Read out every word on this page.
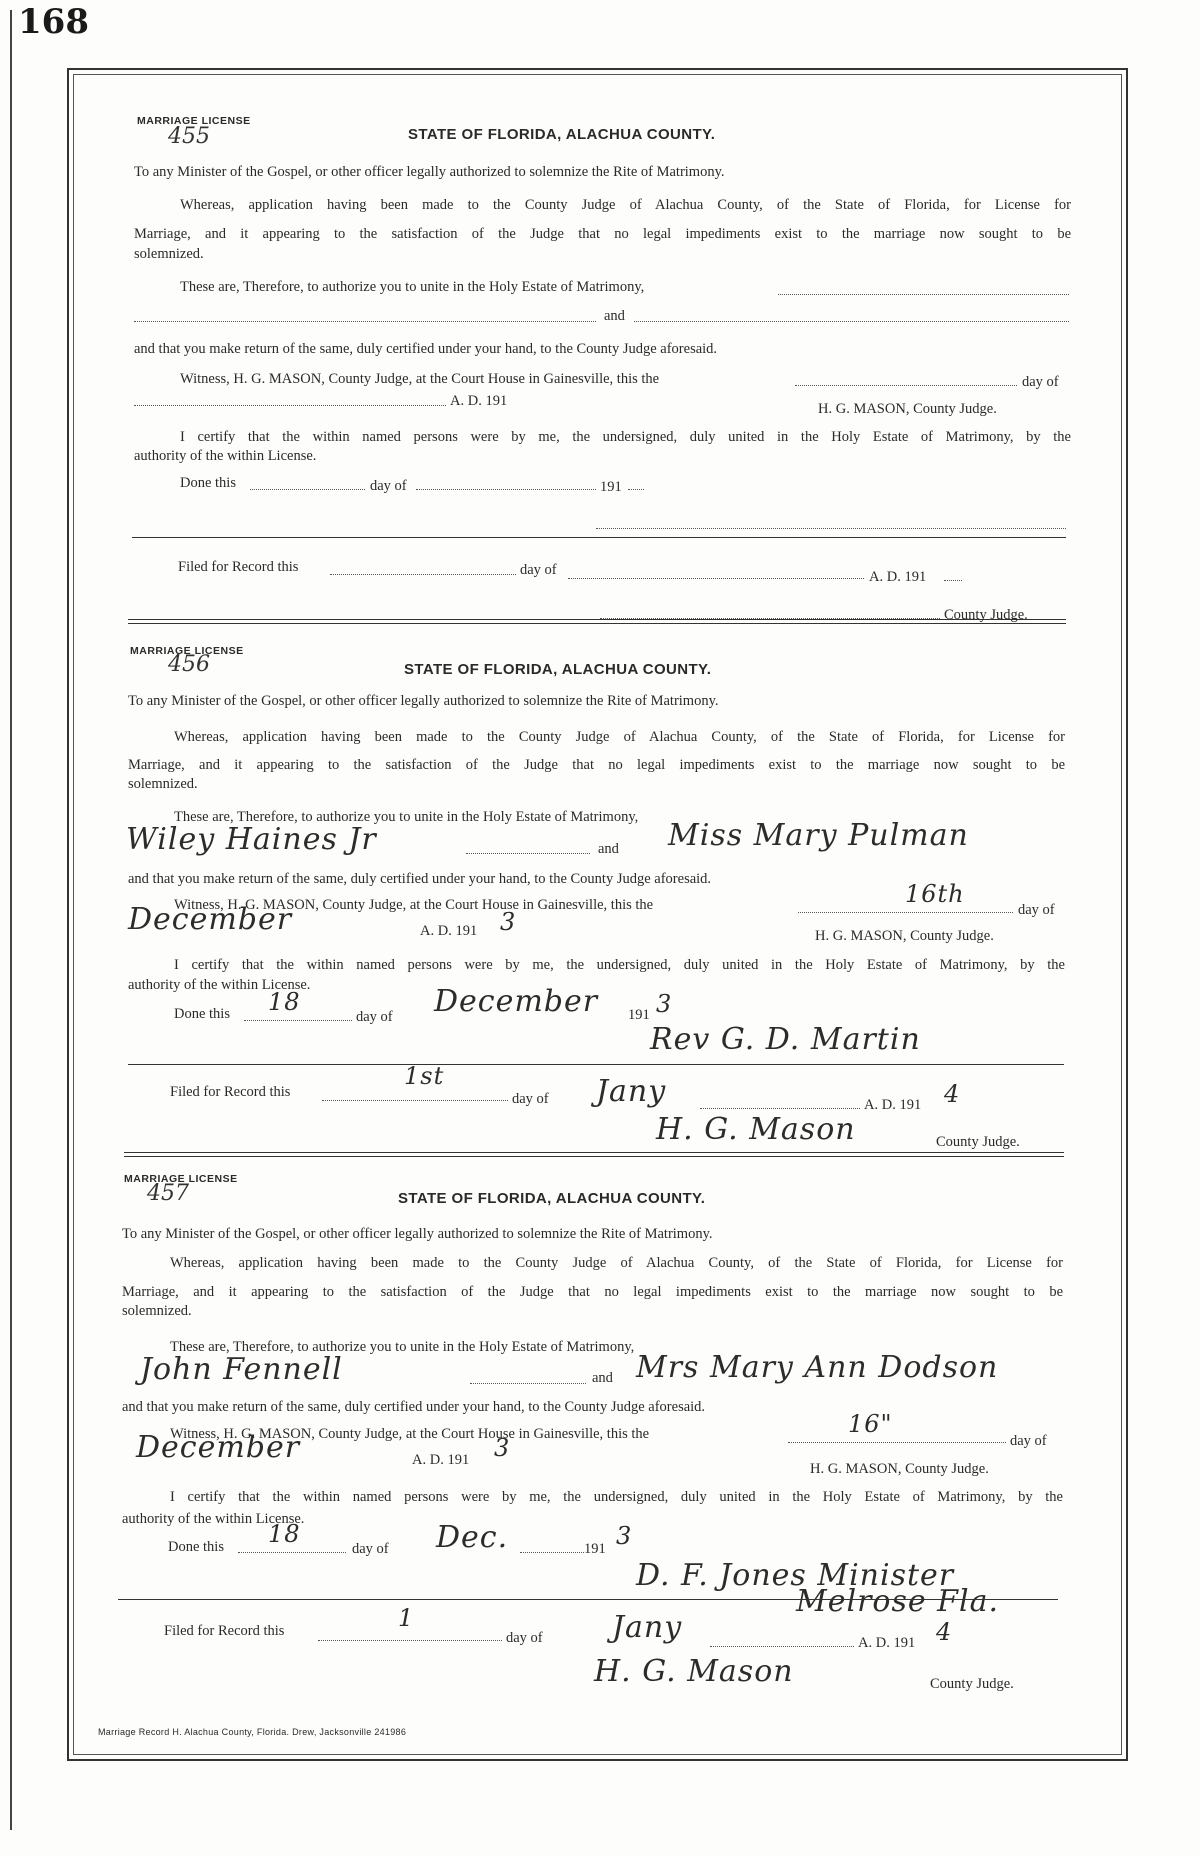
168
MARRIAGE LICENSE
455	STATE OF FLORIDA, ALACHUA COUNTY.
To any Minister of the Gospel, or other officer legally authorized to solemnize the Rite of Matrimony.
Whereas, application having been made to the County Judge of Alachua County, of the State of Florida, for License for
Marriage, and it appearing to the satisfaction of the Judge that no legal impediments exist to the marriage now sought to be
solemnized.
These are, Therefore, to authorize you to unite in the Holy Estate of Matrimony,
and
and that you make return of the same, duly certified under your hand, to the County Judge aforesaid.
Witness, H. G. MASON, County Judge, at the Court House in Gainesville, this the	day of
A. D. 191	H. G. MASON, County Judge.
I certify that the within named persons were by me, the undersigned, duly united in the Holy Estate of Matrimony, by the
authority of the within License.
Done this	day of	191
Filed for Record this	day of	A. D. 191
County Judge.
MARRIAGE LICENSE
456	STATE OF FLORIDA, ALACHUA COUNTY.
To any Minister of the Gospel, or other officer legally authorized to solemnize the Rite of Matrimony.
Whereas, application having been made to the County Judge of Alachua County, of the State of Florida, for License for
Marriage, and it appearing to the satisfaction of the Judge that no legal impediments exist to the marriage now sought to be
solemnized.
These are, Therefore, to authorize you to unite in the Holy Estate of Matrimony,
Wiley Haines Jr	and Miss Mary Pulman
and that you make return of the same, duly certified under your hand, to the County Judge aforesaid.
Witness, H. G. MASON, County Judge, at the Court House in Gainesville, this the	16th
day of
December	A. D. 191 3	H. G. MASON, County Judge.
I certify that the within named persons were by me, the undersigned, duly united in the Holy Estate of Matrimony, by the
authority of the within License.
Done this 18
day of December 191 3
Rev G. D. Martin
Filed for Record this
1st
day of Jany	A. D. 191 4
H. G. Mason	County Judge.
MARRIAGE LICENSE
457	STATE OF FLORIDA, ALACHUA COUNTY.
To any Minister of the Gospel, or other officer legally authorized to solemnize the Rite of Matrimony.
Whereas, application having been made to the County Judge of Alachua County, of the State of Florida, for License for
Marriage, and it appearing to the satisfaction of the Judge that no legal impediments exist to the marriage now sought to be
solemnized.
These are, Therefore, to authorize you to unite in the Holy Estate of Matrimony,
John Fennell	and Mrs Mary Ann Dodson
and that you make return of the same, duly certified under your hand, to the County Judge aforesaid.
Witness, H. G. MASON, County Judge, at the Court House in Gainesville, this the	16"
day of
December	A. D. 191 3
H. G. MASON, County Judge.
I certify that the within named persons were by me, the undersigned, duly united in the Holy Estate of Matrimony, by the
authority of the within License.
Done this 18
day of Dec.	191 3
D. F. Jones Minister
Melrose Fla.
Filed for Record this	1
day of Jany	A. D. 191 4
H. G. Mason	County Judge.
Marriage Record H. Alachua County, Florida. Drew, Jacksonville 241986
